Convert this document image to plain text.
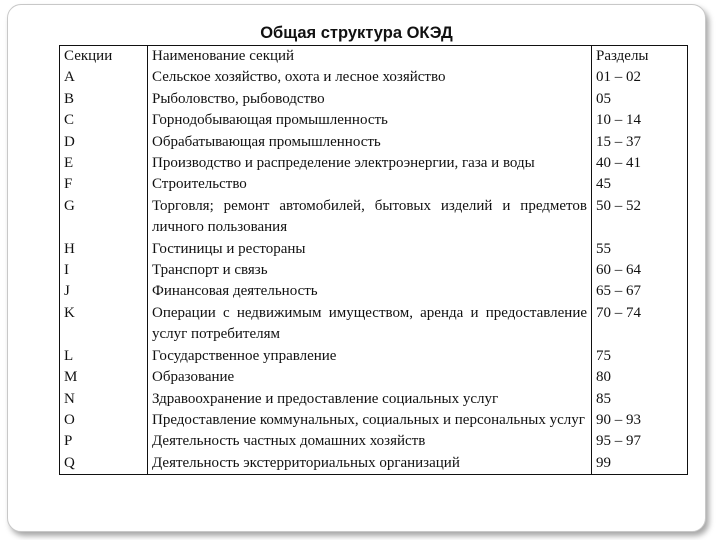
Общая структура ОКЭД
Секции	Наименование секций	Разделы
A	Сельское хозяйство, охота и лесное хозяйство	01 – 02
B	Рыболовство, рыбоводство	05
C	Горнодобывающая промышленность	10 – 14
D	Обрабатывающая промышленность	15 – 37
E	Производство и распределение электроэнергии, газа и воды	40 – 41
F	Строительство	45
G	Торговля; ремонт автомобилей, бытовых изделий и предметов личного пользования	50 – 52
H	Гостиницы и рестораны	55
I	Транспорт и связь	60 – 64
J	Финансовая деятельность	65 – 67
K	Операции с недвижимым имуществом, аренда и предоставление услуг потребителям	70 – 74
L	Государственное управление	75
M	Образование	80
N	Здравоохранение и предоставление социальных услуг	85
O	Предоставление коммунальных, социальных и персональных услуг	90 – 93
P	Деятельность частных домашних хозяйств	95 – 97
Q	Деятельность экстерриториальных организаций	99
